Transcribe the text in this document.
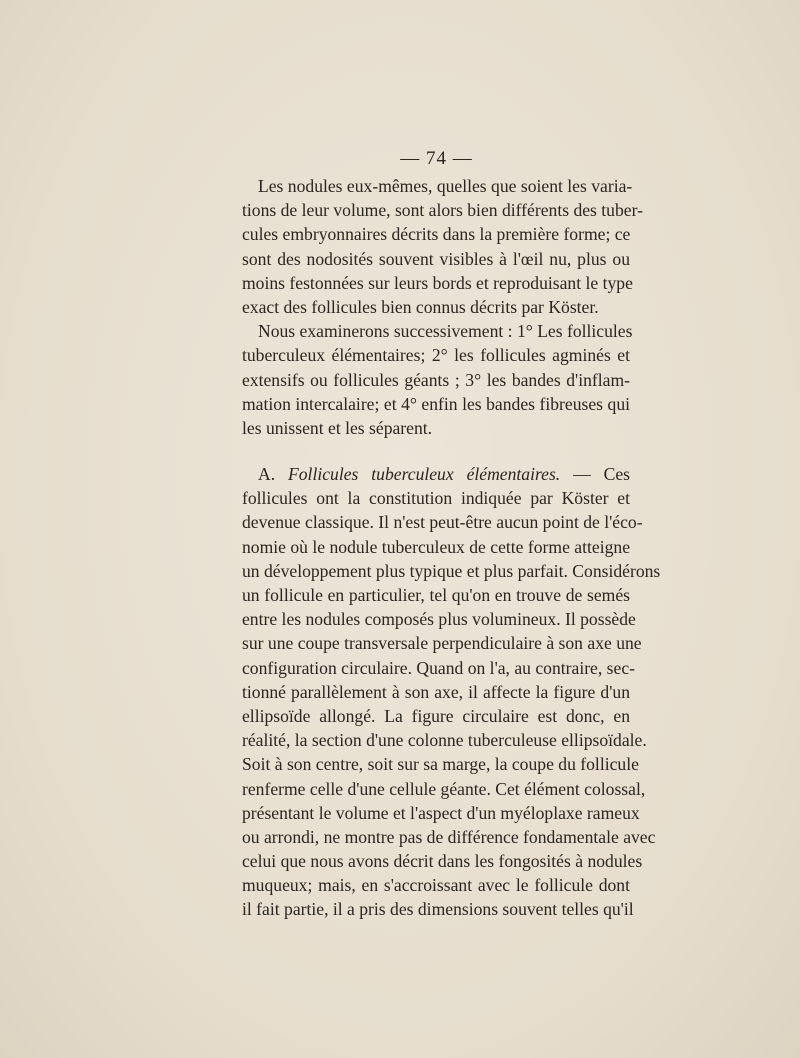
— 74 —
Les nodules eux-mêmes, quelles que soient les varia-
tions de leur volume, sont alors bien différents des tuber-
cules embryonnaires décrits dans la première forme; ce
sont des nodosités souvent visibles à l'œil nu, plus ou
moins festonnées sur leurs bords et reproduisant le type
exact des follicules bien connus décrits par Köster.
Nous examinerons successivement : 1° Les follicules
tuberculeux élémentaires; 2° les follicules agminés et
extensifs ou follicules géants ; 3° les bandes d'inflam-
mation intercalaire; et 4° enfin les bandes fibreuses qui
les unissent et les séparent.
A. Follicules tuberculeux élémentaires. — Ces
follicules ont la constitution indiquée par Köster et
devenue classique. Il n'est peut-être aucun point de l'éco-
nomie où le nodule tuberculeux de cette forme atteigne
un développement plus typique et plus parfait. Considérons
un follicule en particulier, tel qu'on en trouve de semés
entre les nodules composés plus volumineux. Il possède
sur une coupe transversale perpendiculaire à son axe une
configuration circulaire. Quand on l'a, au contraire, sec-
tionné parallèlement à son axe, il affecte la figure d'un
ellipsoïde allongé. La figure circulaire est donc, en
réalité, la section d'une colonne tuberculeuse ellipsoïdale.
Soit à son centre, soit sur sa marge, la coupe du follicule
renferme celle d'une cellule géante. Cet élément colossal,
présentant le volume et l'aspect d'un myéloplaxe rameux
ou arrondi, ne montre pas de différence fondamentale avec
celui que nous avons décrit dans les fongosités à nodules
muqueux; mais, en s'accroissant avec le follicule dont
il fait partie, il a pris des dimensions souvent telles qu'il
